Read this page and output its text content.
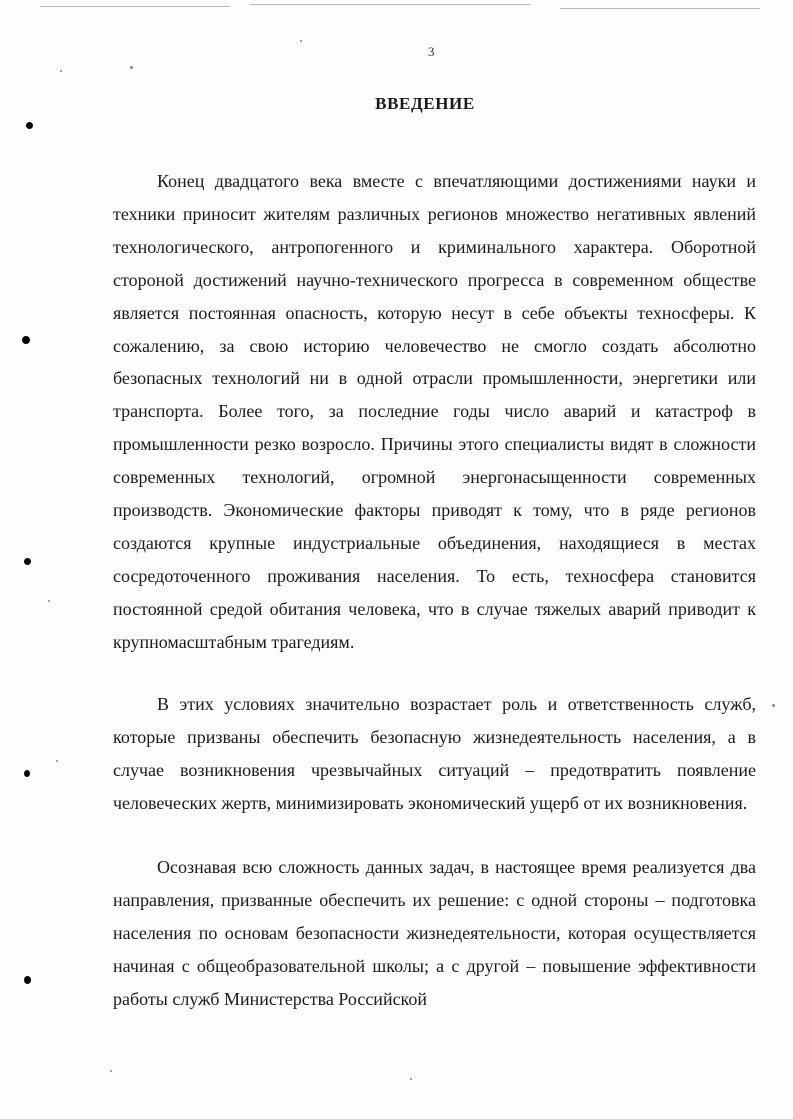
3
ВВЕДЕНИЕ

Конец двадцатого века вместе с впечатляющими достижениями науки и техники приносит жителям различных регионов множество негативных явлений технологического, антропогенного и криминального характера. Оборотной стороной достижений научно-технического прогресса в современном обществе является постоянная опасность, которую несут в себе объекты техносферы. К сожалению, за свою историю человечество не смогло создать абсолютно безопасных технологий ни в одной отрасли промышленности, энергетики или транспорта. Более того, за последние годы число аварий и катастроф в промышленности резко возросло. Причины этого специалисты видят в сложности современных технологий, огромной энергонасыщенности современных производств. Экономические факторы приводят к тому, что в ряде регионов создаются крупные индустриальные объединения, находящиеся в местах сосредоточенного проживания населения. То есть, техносфера становится постоянной средой обитания человека, что в случае тяжелых аварий приводит к крупномасштабным трагедиям.

В этих условиях значительно возрастает роль и ответственность служб, которые призваны обеспечить безопасную жизнедеятельность населения, а в случае возникновения чрезвычайных ситуаций – предотвратить появление человеческих жертв, минимизировать экономический ущерб от их возникновения.

Осознавая всю сложность данных задач, в настоящее время реализуется два направления, призванные обеспечить их решение: с одной стороны – подготовка населения по основам безопасности жизнедеятельности, которая осуществляется начиная с общеобразовательной школы; а с другой – повышение эффективности работы служб Министерства Российской
